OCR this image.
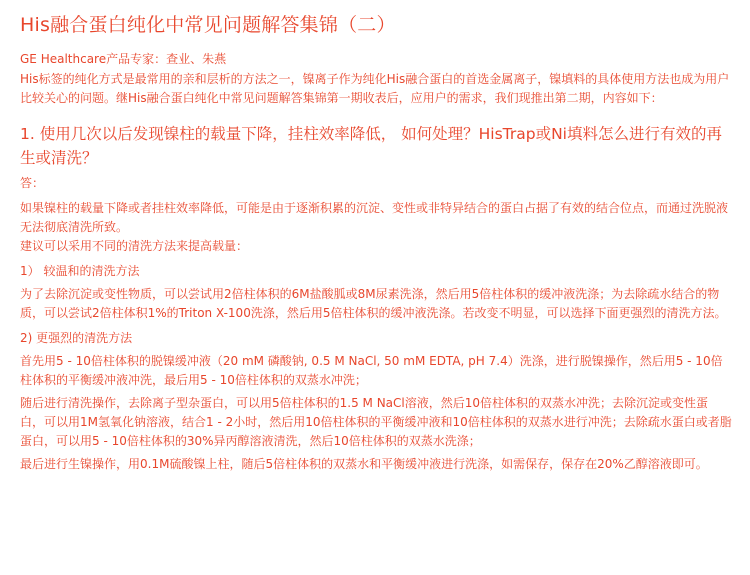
His融合蛋白纯化中常见问题解答集锦（二）
GE Healthcare产品专家：查业、朱燕
His标签的纯化方式是最常用的亲和层析的方法之一，镍离子作为纯化His融合蛋白的首选金属离子，镍填料的具体使用方法也成为用户比较关心的问题。继His融合蛋白纯化中常见问题解答集锦第一期收表后，应用户的需求，我们现推出第二期，内容如下：
1. 使用几次以后发现镍柱的载量下降，挂柱效率降低， 如何处理？HisTrap或Ni填料怎么进行有效的再生或清洗？
答：
如果镍柱的载量下降或者挂柱效率降低，可能是由于逐渐积累的沉淀、变性或非特异结合的蛋白占据了有效的结合位点，而通过洗脱液无法彻底清洗所致。
建议可以采用不同的清洗方法来提高载量：
1） 较温和的清洗方法
为了去除沉淀或变性物质，可以尝试用2倍柱体积的6M盐酸胍或8M尿素洗涤，然后用5倍柱体积的缓冲液洗涤；为去除疏水结合的物质，可以尝试2倍柱体积1%的Triton X-100洗涤，然后用5倍柱体积的缓冲液洗涤。若改变不明显，可以选择下面更强烈的清洗方法。
2) 更强烈的清洗方法
首先用5 - 10倍柱体积的脱镍缓冲液（20 mM 磷酸钠, 0.5 M NaCl, 50 mM EDTA, pH 7.4）洗涤，进行脱镍操作，然后用5 - 10倍柱体积的平衡缓冲液冲洗，最后用5 - 10倍柱体积的双蒸水冲洗；
随后进行清洗操作，去除离子型杂蛋白，可以用5倍柱体积的1.5 M NaCl溶液，然后10倍柱体积的双蒸水冲洗；去除沉淀或变性蛋白，可以用1M氢氧化钠溶液，结合1 - 2小时，然后用10倍柱体积的平衡缓冲液和10倍柱体积的双蒸水进行冲洗；去除疏水蛋白或者脂蛋白，可以用5 - 10倍柱体积的30%异丙醇溶液清洗，然后10倍柱体积的双蒸水洗涤；
最后进行生镍操作，用0.1M硫酸镍上柱，随后5倍柱体积的双蒸水和平衡缓冲液进行洗涤，如需保存，保存在20%乙醇溶液即可。
